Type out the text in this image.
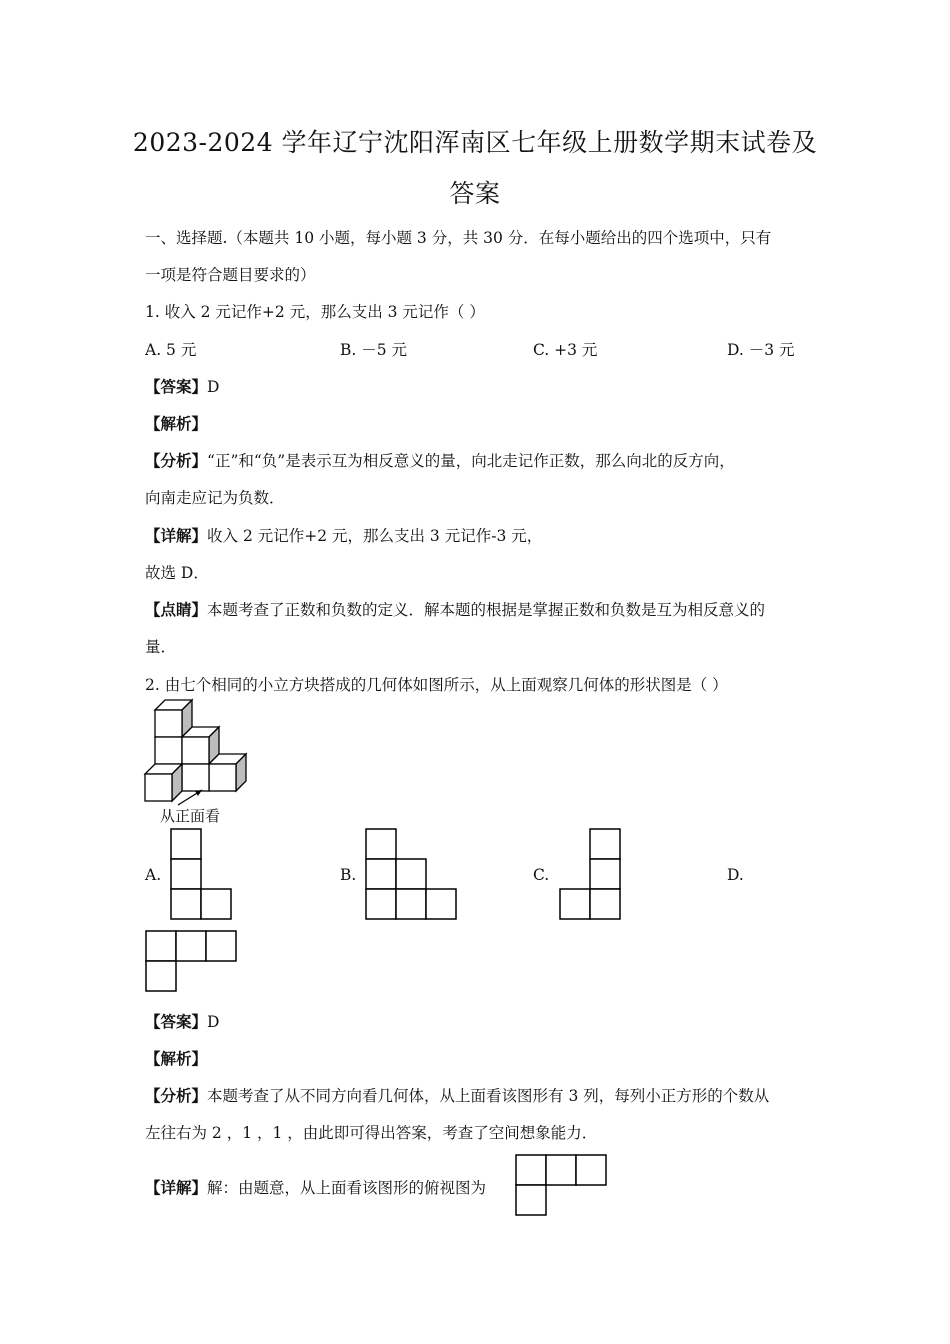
2023-2024 学年辽宁沈阳浑南区七年级上册数学期末试卷及
答案
一、选择题.（本题共 10 小题，每小题 3 分，共 30 分．在每小题给出的四个选项中，只有
一项是符合题目要求的）
1. 收入 2 元记作+2 元，那么支出 3 元记作（ ）
A. 5 元	B. －5 元	C. +3 元	D. －3 元
【答案】D
【解析】
【分析】“正”和“负”是表示互为相反意义的量，向北走记作正数，那么向北的反方向，
向南走应记为负数．
【详解】收入 2 元记作+2 元，那么支出 3 元记作-3 元，
故选 D．
【点睛】本题考查了正数和负数的定义．解本题的根据是掌握正数和负数是互为相反意义的
量．
2. 由七个相同的小立方块搭成的几何体如图所示，从上面观察几何体的形状图是（ ）
从正面看
A.	B.	C.	D.
【答案】D
【解析】
【分析】本题考查了从不同方向看几何体，从上面看该图形有 3 列，每列小正方形的个数从
左往右为 2 ，1 ，1 ，由此即可得出答案，考查了空间想象能力．
【详解】解：由题意，从上面看该图形的俯视图为
